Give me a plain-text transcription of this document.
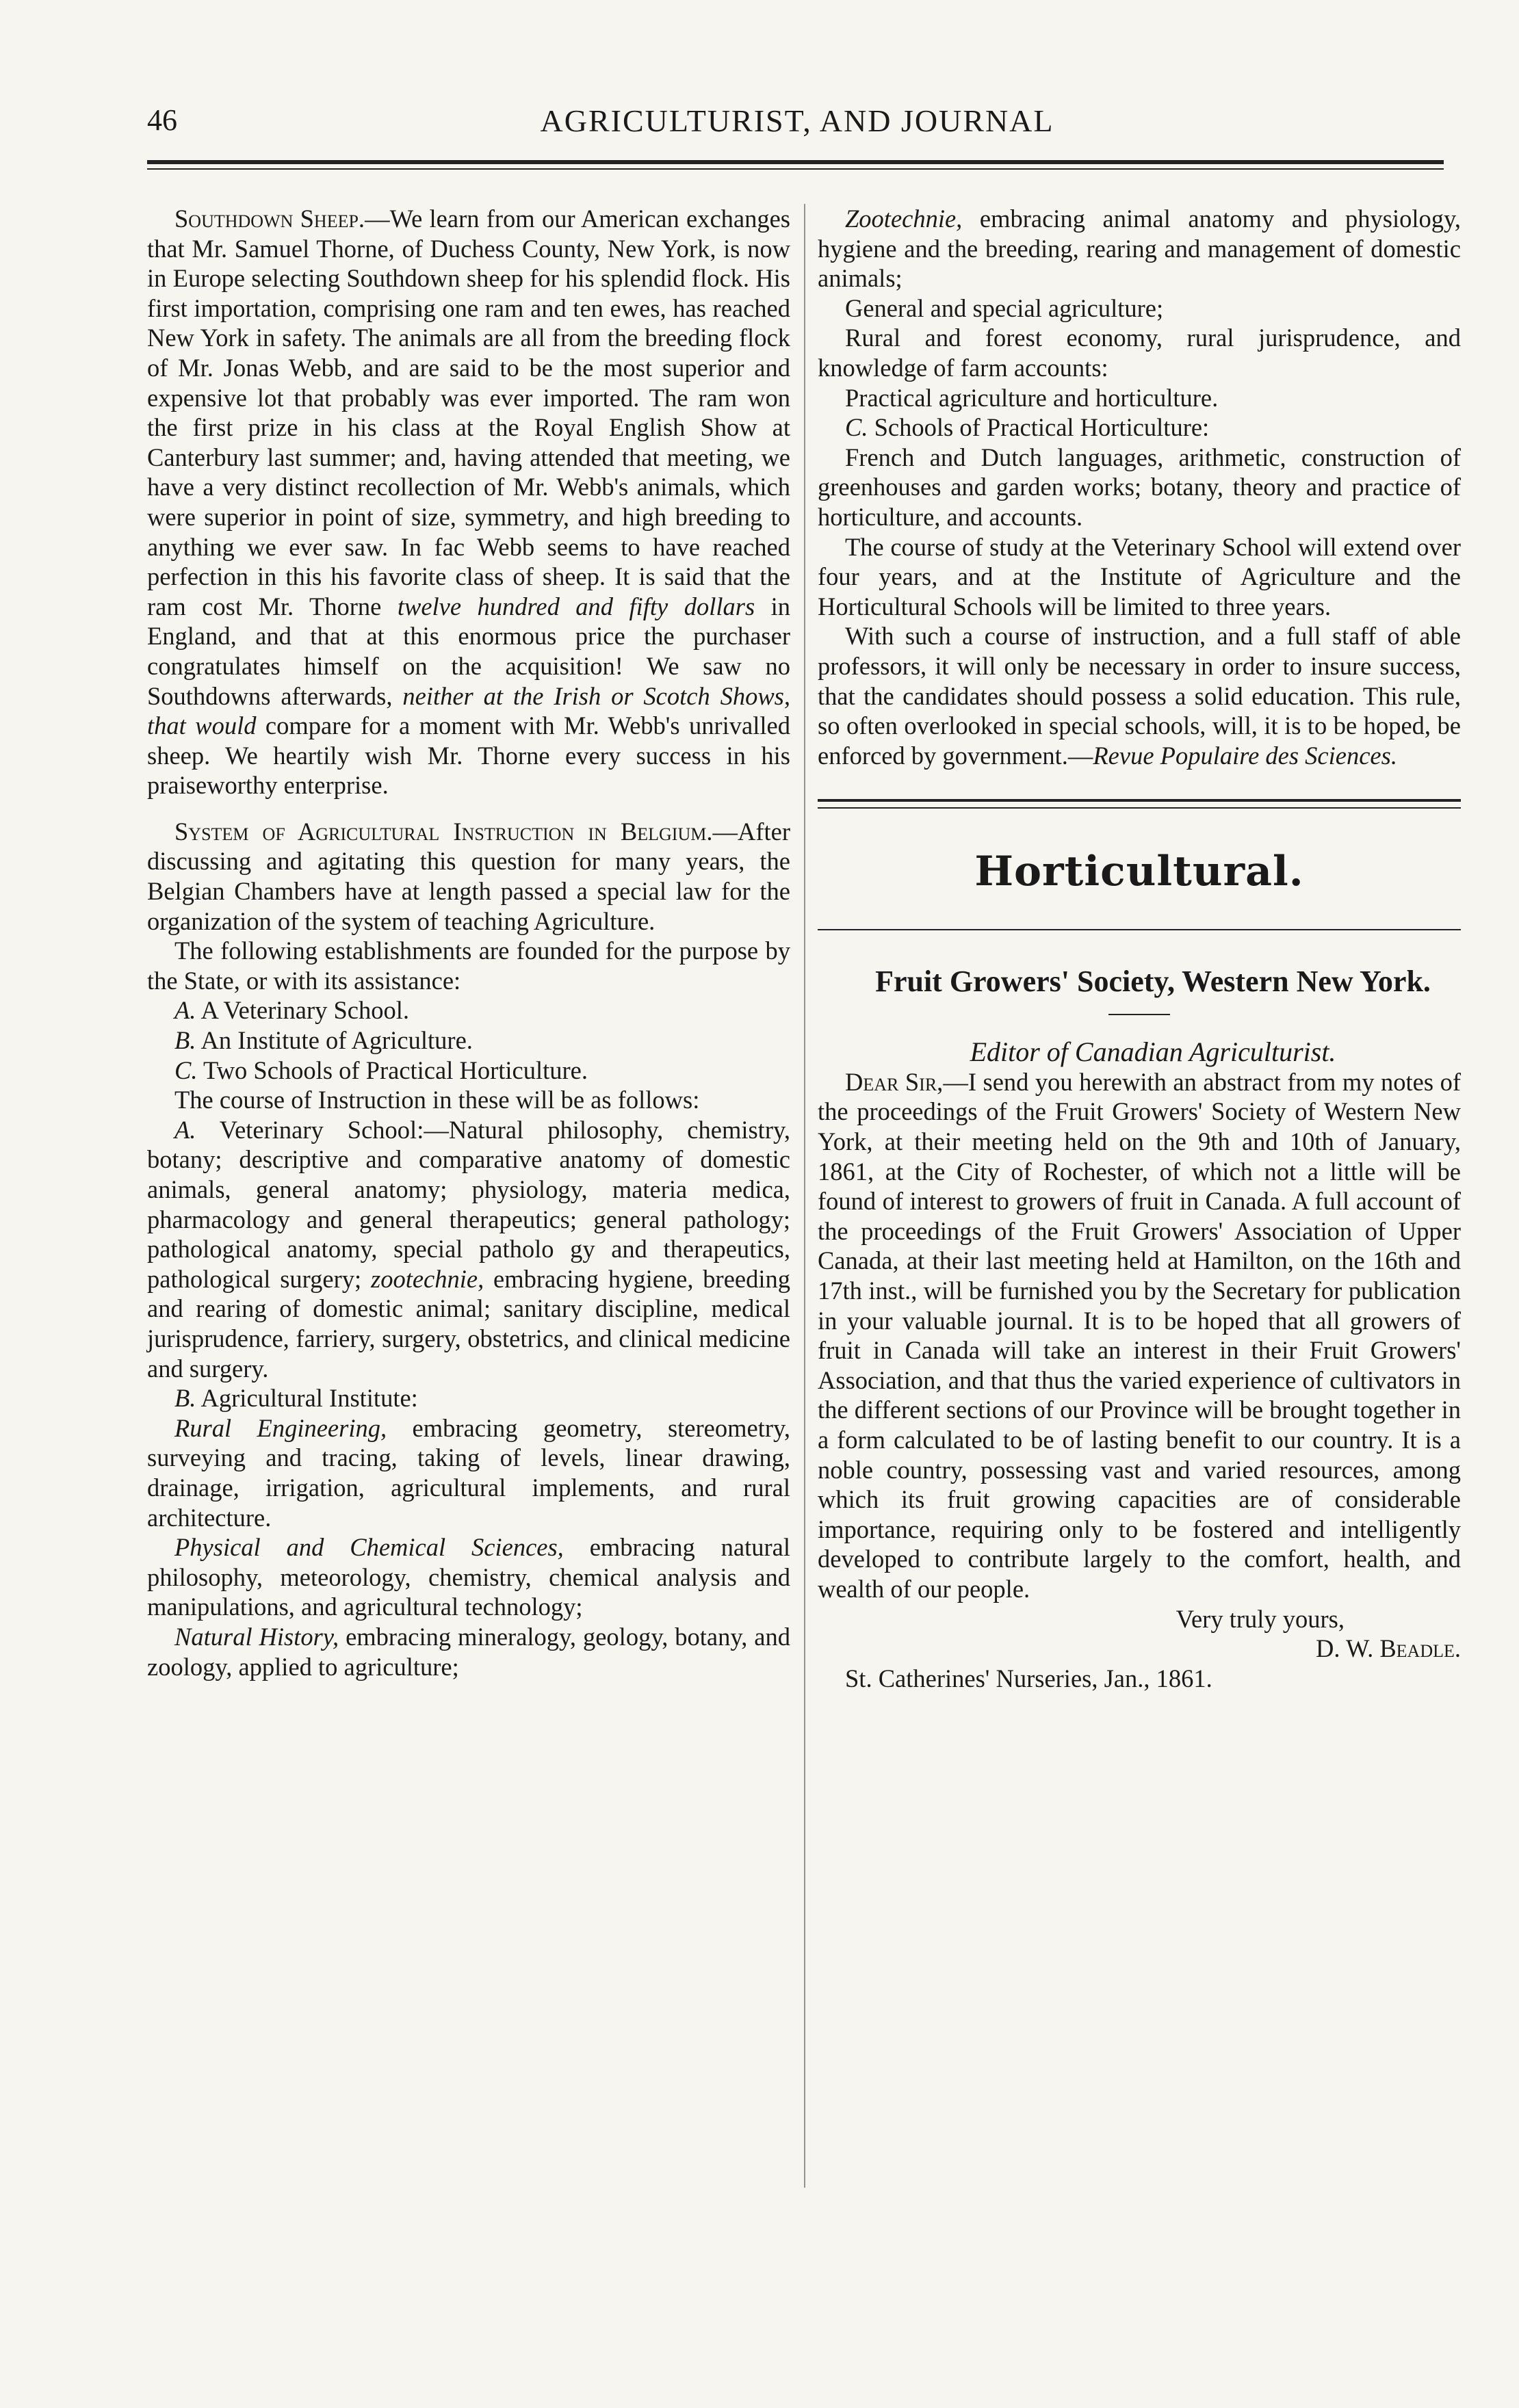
46	AGRICULTURIST, AND JOURNAL

Southdown Sheep.—We learn from our American exchanges that Mr. Samuel Thorne, of Duchess County, New York, is now in Europe selecting Southdown sheep for his splendid flock. His first importation, comprising one ram and ten ewes, has reached New York in safety. The animals are all from the breeding flock of Mr. Jonas Webb, and are said to be the most superior and expensive lot that probably was ever imported. The ram won the first prize in his class at the Royal English Show at Canterbury last summer; and, having attended that meeting, we have a very distinct recollection of Mr. Webb's animals, which were superior in point of size, symmetry, and high breeding to anything we ever saw. In fac Webb seems to have reached perfection in this his favorite class of sheep. It is said that the ram cost Mr. Thorne twelve hundred and fifty dollars in England, and that at this enormous price the purchaser congratulates himself on the acquisition! We saw no Southdowns afterwards, neither at the Irish or Scotch Shows, that would compare for a moment with Mr. Webb's unrivalled sheep. We heartily wish Mr. Thorne every success in his praiseworthy enterprise.

System of Agricultural Instruction in Belgium.—After discussing and agitating this question for many years, the Belgian Chambers have at length passed a special law for the organization of the system of teaching Agriculture.

The following establishments are founded for the purpose by the State, or with its assistance:

A. A Veterinary School.

B. An Institute of Agriculture.

C. Two Schools of Practical Horticulture.

The course of Instruction in these will be as follows:

A. Veterinary School:—Natural philosophy, chemistry, botany; descriptive and comparative anatomy of domestic animals, general anatomy; physiology, materia medica, pharmacology and general therapeutics; general pathology; pathological anatomy, special patholo gy and therapeutics, pathological surgery; zootechnie, embracing hygiene, breeding and rearing of domestic animal; sanitary discipline, medical jurisprudence, farriery, surgery, obstetrics, and clinical medicine and surgery.

B. Agricultural Institute:

Rural Engineering, embracing geometry, stereometry, surveying and tracing, taking of levels, linear drawing, drainage, irrigation, agricultural implements, and rural architecture.

Physical and Chemical Sciences, embracing natural philosophy, meteorology, chemistry, chemical analysis and manipulations, and agricultural technology;

Natural History, embracing mineralogy, geology, botany, and zoology, applied to agriculture;

Zootechnie, embracing animal anatomy and physiology, hygiene and the breeding, rearing and management of domestic animals;

General and special agriculture;

Rural and forest economy, rural jurisprudence, and knowledge of farm accounts:

Practical agriculture and horticulture.

C. Schools of Practical Horticulture:

French and Dutch languages, arithmetic, construction of greenhouses and garden works; botany, theory and practice of horticulture, and accounts.

The course of study at the Veterinary School will extend over four years, and at the Institute of Agriculture and the Horticultural Schools will be limited to three years.

With such a course of instruction, and a full staff of able professors, it will only be necessary in order to insure success, that the candidates should possess a solid education. This rule, so often overlooked in special schools, will, it is to be hoped, be enforced by government.—Revue Populaire des Sciences.

Horticultural.

Fruit Growers' Society, Western New York.

Editor of Canadian Agriculturist.

Dear Sir,—I send you herewith an abstract from my notes of the proceedings of the Fruit Growers' Society of Western New York, at their meeting held on the 9th and 10th of January, 1861, at the City of Rochester, of which not a little will be found of interest to growers of fruit in Canada. A full account of the proceedings of the Fruit Growers' Association of Upper Canada, at their last meeting held at Hamilton, on the 16th and 17th inst., will be furnished you by the Secretary for publication in your valuable journal. It is to be hoped that all growers of fruit in Canada will take an interest in their Fruit Growers' Association, and that thus the varied experience of cultivators in the different sections of our Province will be brought together in a form calculated to be of lasting benefit to our country. It is a noble country, possessing vast and varied resources, among which its fruit growing capacities are of considerable importance, requiring only to be fostered and intelligently developed to contribute largely to the comfort, health, and wealth of our people.

Very truly yours,

D. W. Beadle.

St. Catherines' Nurseries, Jan., 1861.
